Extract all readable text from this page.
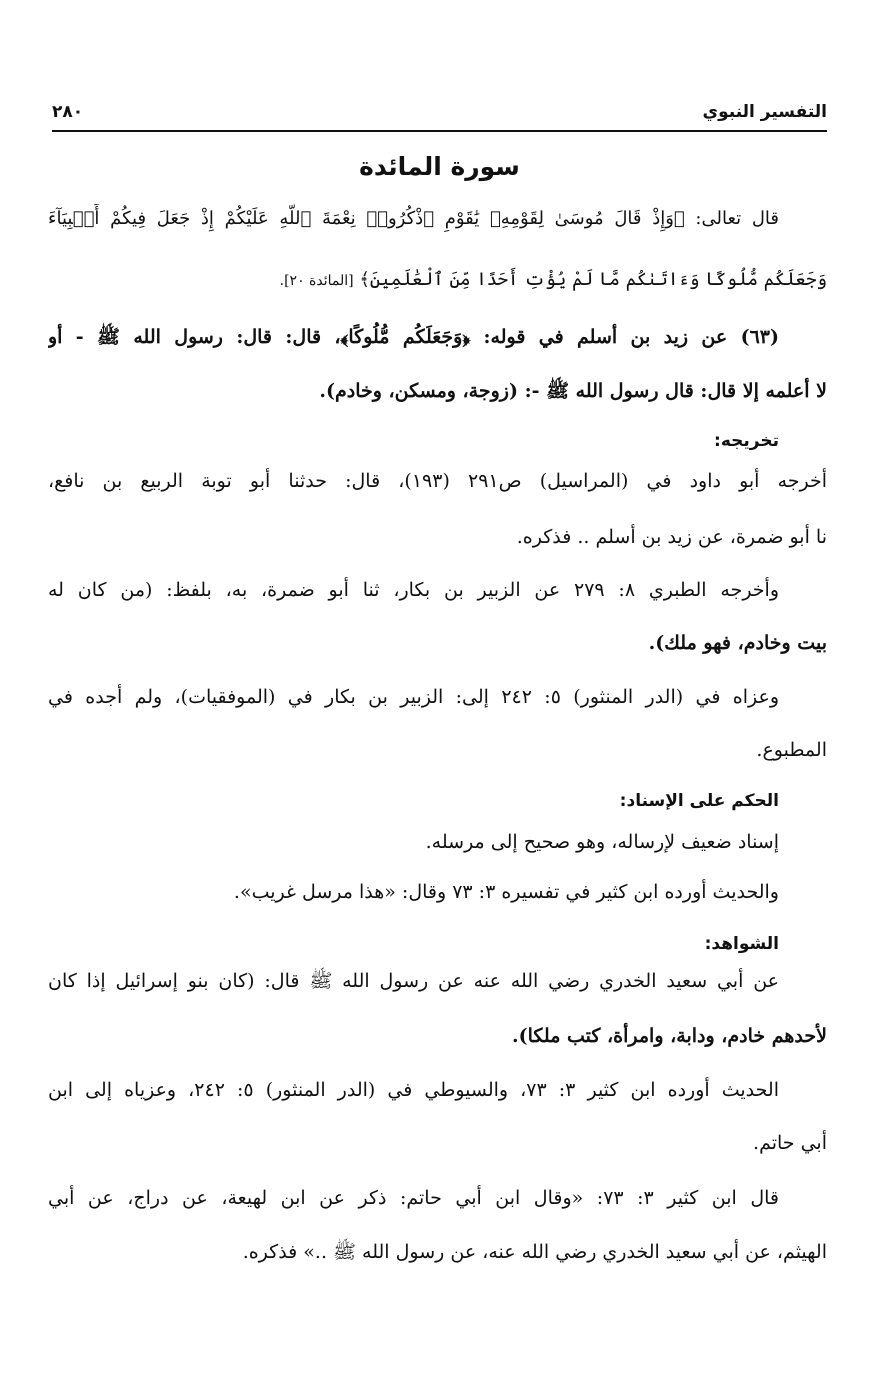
التفسير النبوي
٢٨٠
سورة المائدة
قال تعالى: ﴿وَإِذْ قَالَ مُوسَىٰ لِقَوْمِهِۦ يَٰقَوْمِ ٱذْكُرُوا۟ نِعْمَةَ ٱللَّهِ عَلَيْكُمْ إِذْ جَعَلَ فِيكُمْ أَنۢبِيَآءَ
وَجَعَلَكُم مُّلُوكًا وَءَاتَىٰكُم مَّا لَمْ يُؤْتِ أَحَدًا مِّنَ ٱلْعَٰلَمِينَ﴾ [المائدة ٢٠].
(٦٣) عن زيد بن أسلم في قوله: ﴿وَجَعَلَكُم مُّلُوكًا﴾، قال: قال: رسول الله ﷺ - أو
لا أعلمه إلا قال: قال رسول الله ﷺ -: (زوجة، ومسكن، وخادم).
تخريجه:
أخرجه أبو داود في (المراسيل) ص٢٩١ (١٩٣)، قال: حدثنا أبو توبة الربيع بن نافع،
نا أبو ضمرة، عن زيد بن أسلم .. فذكره.
وأخرجه الطبري ٨: ٢٧٩ عن الزبير بن بكار، ثنا أبو ضمرة، به، بلفظ: (من كان له
بيت وخادم، فهو ملك).
وعزاه في (الدر المنثور) ٥: ٢٤٢ إلى: الزبير بن بكار في (الموفقيات)، ولم أجده في
المطبوع.
الحكم على الإسناد:
إسناد ضعيف لإرساله، وهو صحيح إلى مرسله.
والحديث أورده ابن كثير في تفسيره ٣: ٧٣ وقال: «هذا مرسل غريب».
الشواهد:
عن أبي سعيد الخدري رضي الله عنه عن رسول الله ﷺ قال: (كان بنو إسرائيل إذا كان
لأحدهم خادم، ودابة، وامرأة، كتب ملكا).
الحديث أورده ابن كثير ٣: ٧٣، والسيوطي في (الدر المنثور) ٥: ٢٤٢، وعزياه إلى ابن
أبي حاتم.
قال ابن كثير ٣: ٧٣: «وقال ابن أبي حاتم: ذكر عن ابن لهيعة، عن دراج، عن أبي
الهيثم، عن أبي سعيد الخدري رضي الله عنه، عن رسول الله ﷺ ..» فذكره.
